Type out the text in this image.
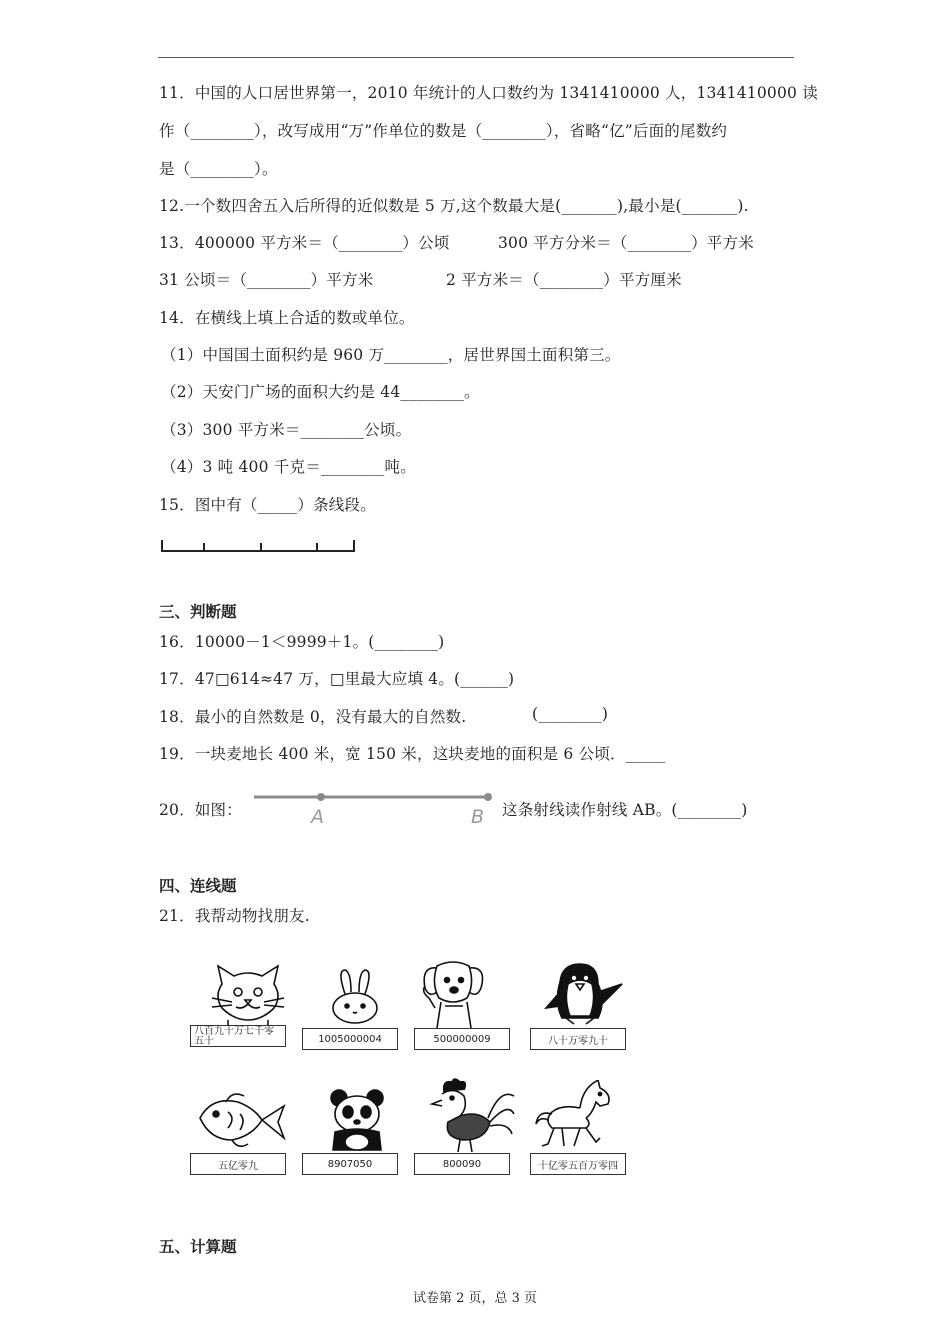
11．中国的人口居世界第一，2010 年统计的人口数约为 1341410000 人，1341410000 读
作（________），改写成用“万”作单位的数是（________），省略“亿”后面的尾数约
是（________）。
12.一个数四舍五入后所得的近似数是 5 万,这个数最大是(_______),最小是(_______).
13．400000 平方米＝（________）公顷	300 平方分米＝（________）平方米
31 公顷＝（________）平方米	2 平方米＝（________）平方厘米
14．在横线上填上合适的数或单位。
（1）中国国土面积约是 960 万________，居世界国土面积第三。
（2）天安门广场的面积大约是 44________。
（3）300 平方米＝________公顷。
（4）3 吨 400 千克＝________吨。
15．图中有（_____）条线段。
三、判断题
16．10000－1＜9999＋1。(________)
17．47□614≈47 万，□里最大应填 4。(______)
18．最小的自然数是 0，没有最大的自然数.	(________)
19．一块麦地长 400 米，宽 150 米，这块麦地的面积是 6 公顷．_____
20．如图：	A	B 这条射线读作射线 AB。(________)
四、连线题
21．我帮动物找朋友.
八百九十万七千零五十	1005000004	500000009	八十万零九十
五亿零九	8907050	800090	十亿零五百万零四
五、计算题
试卷第 2 页，总 3 页
